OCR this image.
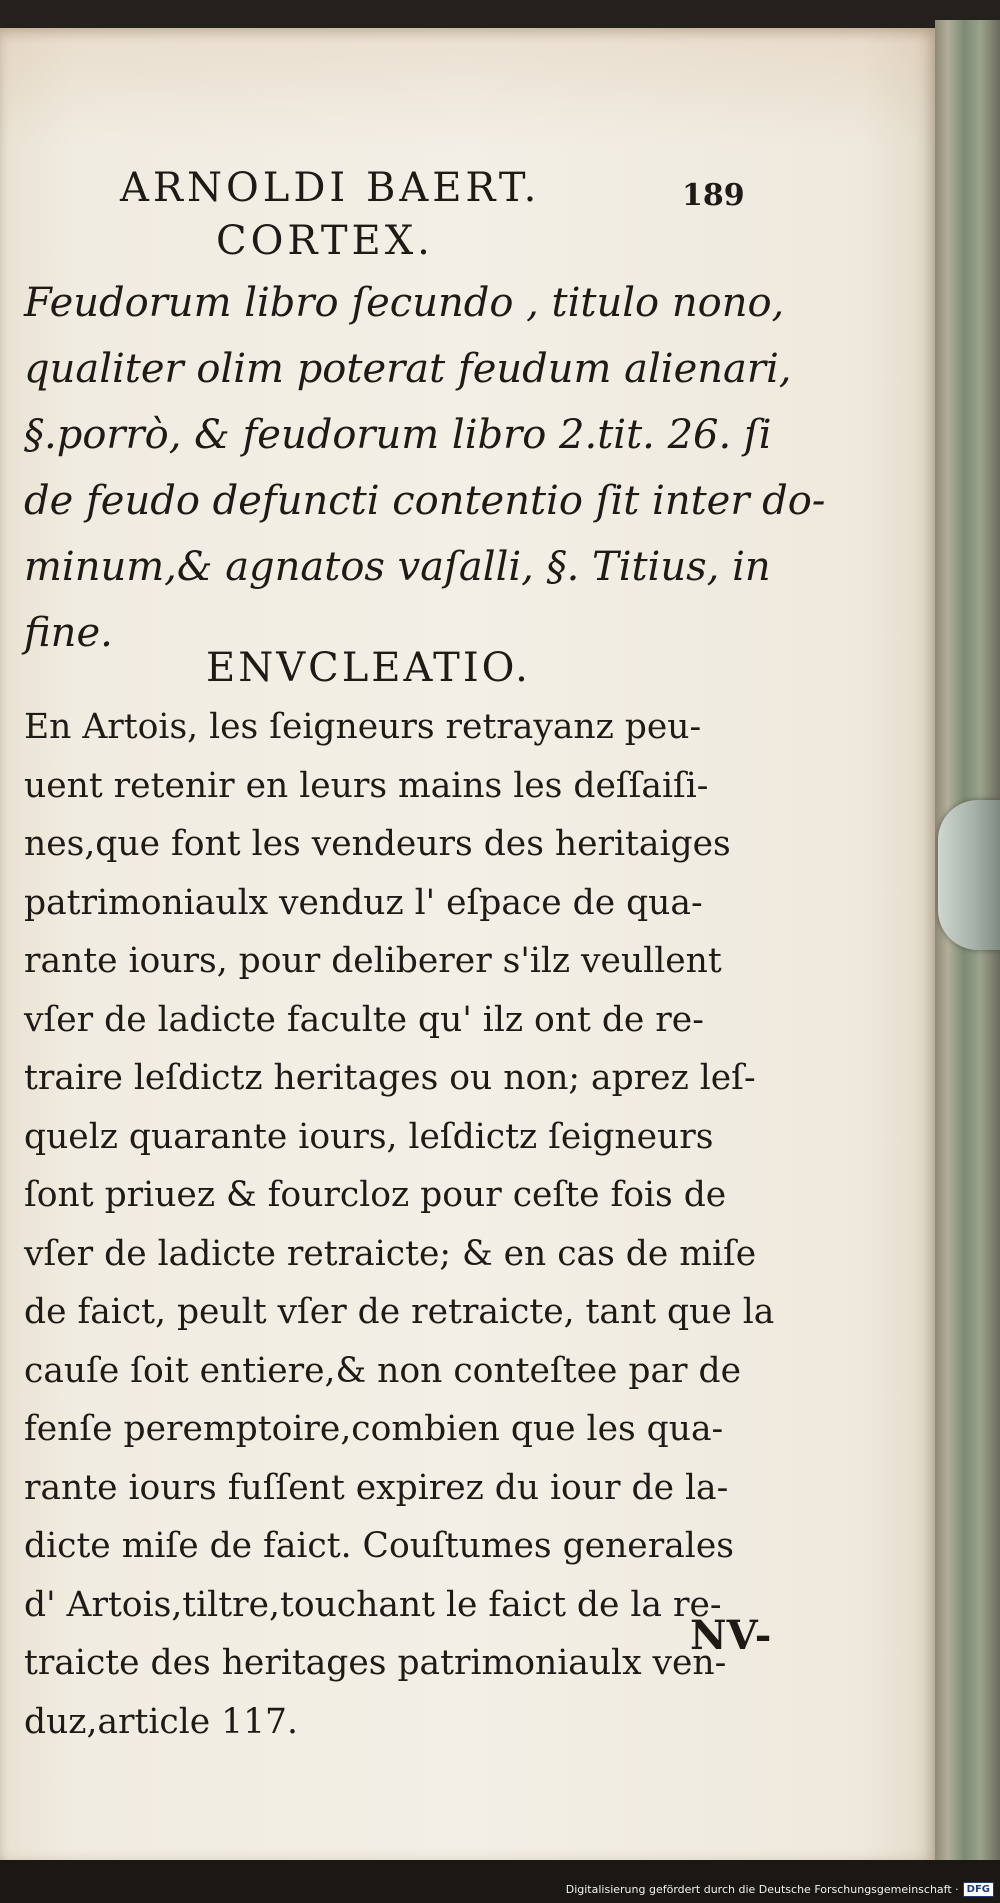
ARNOLDI BAERT.	189
CORTEX.
Feudorum libro ſecundo , titulo nono,
qualiter olim poterat feudum alienari,
§.porrò, & feudorum libro 2.tit. 26. ſi
de feudo defuncti contentio ſit inter do-
minum,& agnatos vaſalli, §. Titius, in
fine.
ENVCLEATIO.
En Artois, les ſeigneurs retrayanz peu-
uent retenir en leurs mains les deſſaiſi-
nes,que font les vendeurs des heritaiges
patrimoniaulx venduz l' eſpace de qua-
rante iours, pour deliberer s'ilz veullent
vſer de ladicte faculte qu' ilz ont de re-
traire leſdictz heritages ou non; aprez leſ-
quelz quarante iours, leſdictz ſeigneurs
ſont priuez & fourcloz pour ceſte fois de
vſer de ladicte retraicte; & en cas de miſe
de faict, peult vſer de retraicte, tant que la
cauſe ſoit entiere,& non conteſtee par de
fenſe peremptoire,combien que les qua-
rante iours fuſſent expirez du iour de la-
dicte miſe de faict. Couſtumes generales
d' Artois,tiltre,touchant le faict de la re-
traicte des heritages patrimoniaulx ven-
duz,article 117.
NV-
Digitalisierung gefördert durch die Deutsche Forschungsgemeinschaft · DFG
